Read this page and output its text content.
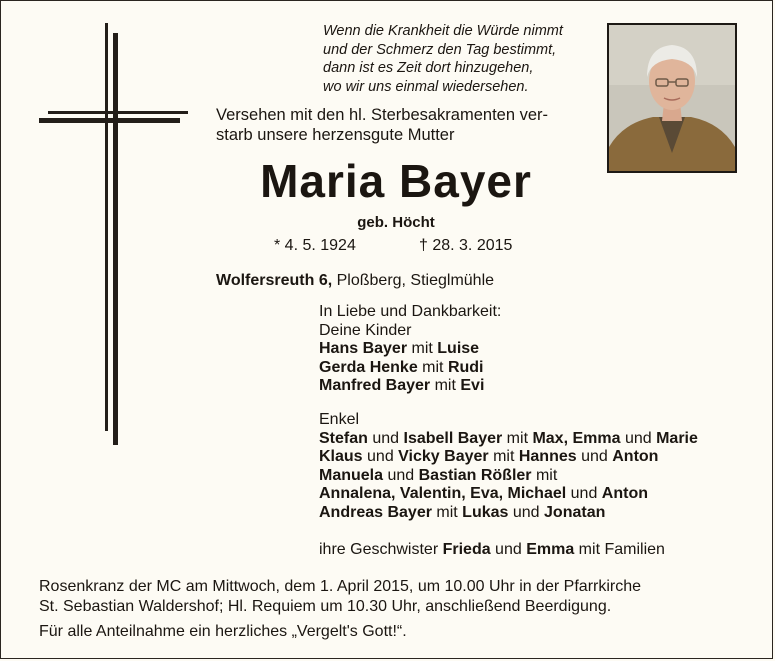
Wenn die Krankheit die Würde nimmt
und der Schmerz den Tag bestimmt,
dann ist es Zeit dort hinzugehen,
wo wir uns einmal wiedersehen.
Versehen mit den hl. Sterbesakramenten ver-
starb unsere herzensgute Mutter
Maria Bayer
geb. Höcht
* 4. 5. 1924	† 28. 3. 2015
Wolfersreuth 6, Ploßberg, Stieglmühle
In Liebe und Dankbarkeit:
Deine Kinder
Hans Bayer mit Luise
Gerda Henke mit Rudi
Manfred Bayer mit Evi
Enkel
Stefan und Isabell Bayer mit Max, Emma und Marie
Klaus und Vicky Bayer mit Hannes und Anton
Manuela und Bastian Rößler mit
Annalena, Valentin, Eva, Michael und Anton
Andreas Bayer mit Lukas und Jonatan
ihre Geschwister Frieda und Emma mit Familien
Rosenkranz der MC am Mittwoch, dem 1. April 2015, um 10.00 Uhr in der Pfarrkirche
St. Sebastian Waldershof; Hl. Requiem um 10.30 Uhr, anschließend Beerdigung.
Für alle Anteilnahme ein herzliches „Vergelt's Gott!“.
